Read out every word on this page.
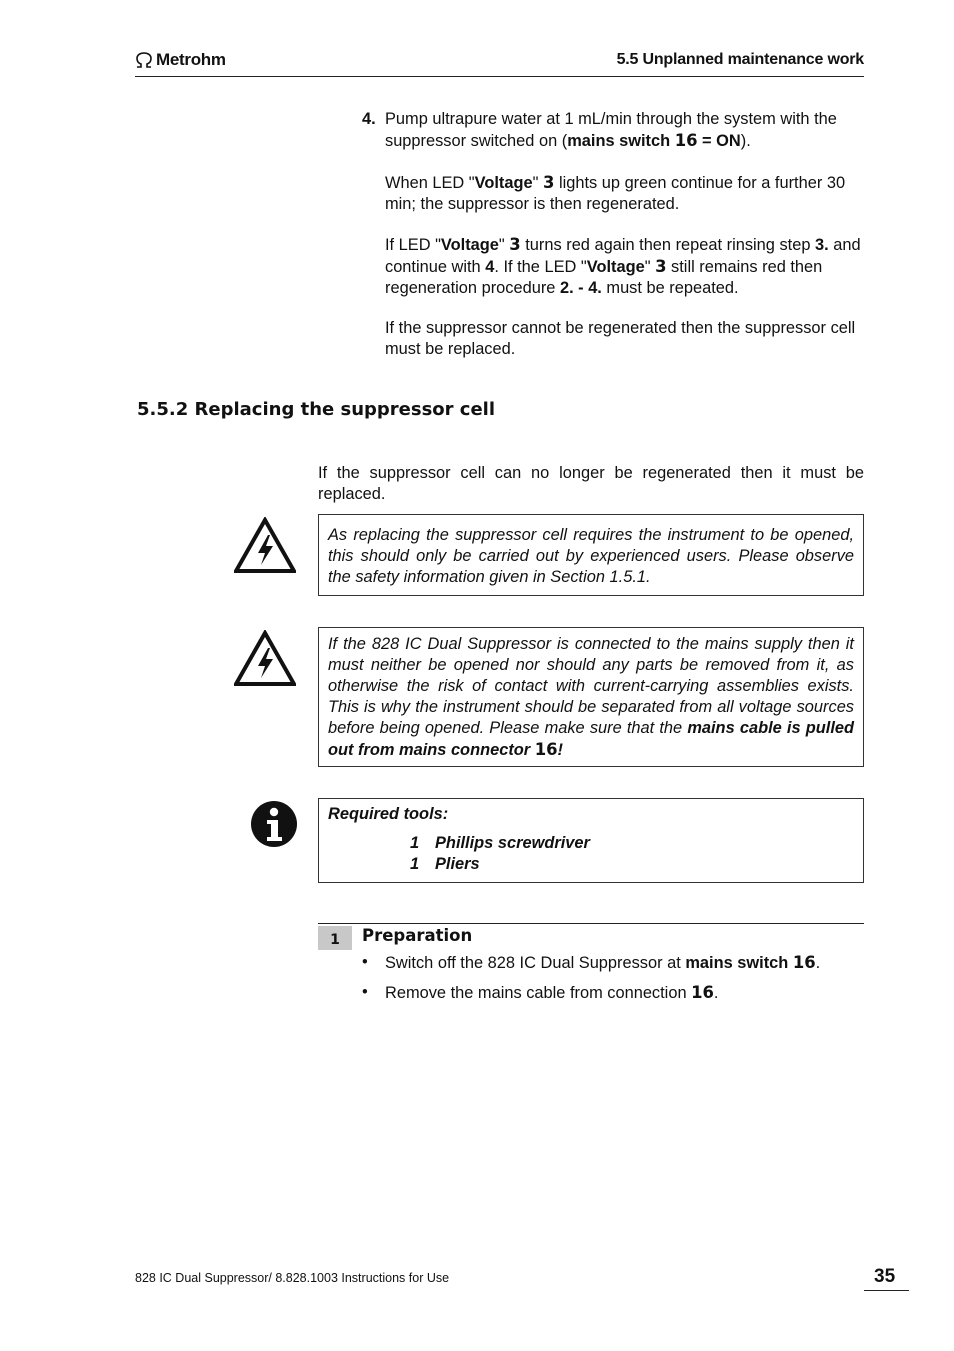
Metrohm	5.5 Unplanned maintenance work
4. Pump ultrapure water at 1 mL/min through the system with the suppressor switched on (mains switch 16 = ON).
When LED "Voltage" 3 lights up green continue for a further 30 min; the suppressor is then regenerated.
If LED "Voltage" 3 turns red again then repeat rinsing step 3. and continue with 4. If the LED "Voltage" 3 still remains red then regeneration procedure 2. - 4. must be repeated.
If the suppressor cannot be regenerated then the suppressor cell must be replaced.
5.5.2 Replacing the suppressor cell
If the suppressor cell can no longer be regenerated then it must be replaced.
As replacing the suppressor cell requires the instrument to be opened, this should only be carried out by experienced users. Please observe the safety information given in Section 1.5.1.
If the 828 IC Dual Suppressor is connected to the mains supply then it must neither be opened nor should any parts be removed from it, as otherwise the risk of contact with current-carrying assemblies exists. This is why the instrument should be separated from all voltage sources before being opened. Please make sure that the mains cable is pulled out from mains connector 16!
Required tools:
1 Phillips screwdriver
1 Pliers
1	Preparation
• Switch off the 828 IC Dual Suppressor at mains switch 16.
• Remove the mains cable from connection 16.
828 IC Dual Suppressor/ 8.828.1003 Instructions for Use	35
